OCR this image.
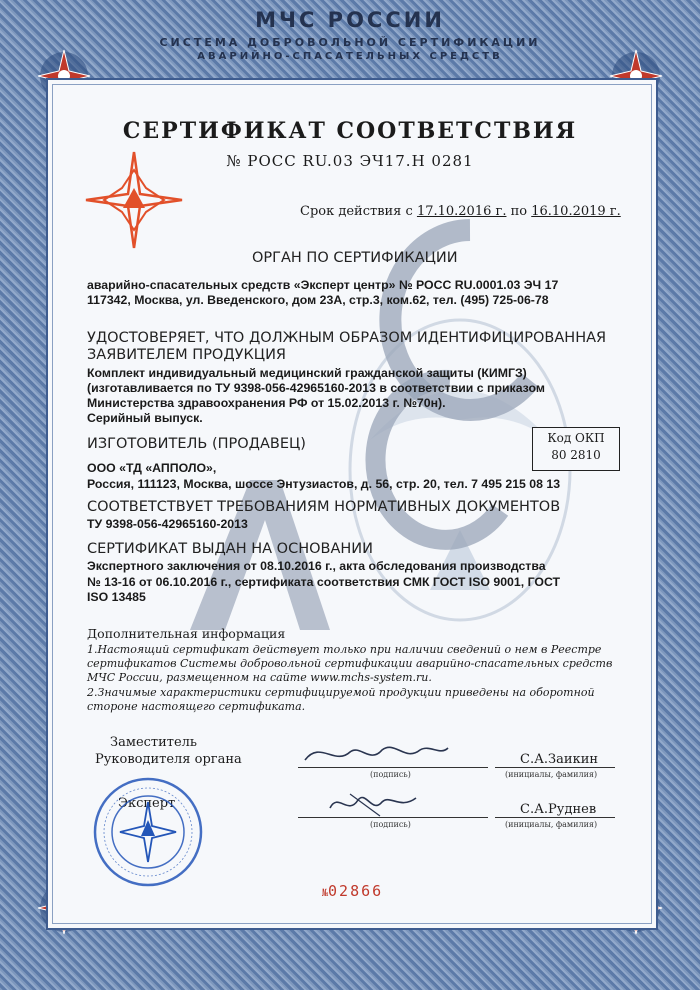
МЧС РОССИИ
СИСТЕМА ДОБРОВОЛЬНОЙ СЕРТИФИКАЦИИ
АВАРИЙНО-СПАСАТЕЛЬНЫХ СРЕДСТВ
СЕРТИФИКАТ СООТВЕТСТВИЯ
№ РОСС RU.03 ЭЧ17.Н 0281
Срок действия с 17.10.2016 г. по 16.10.2019 г.
ОРГАН ПО СЕРТИФИКАЦИИ
аварийно-спасательных средств «Эксперт центр» № РОСС RU.0001.03 ЭЧ 17
117342, Москва, ул. Введенского, дом 23А, стр.3, ком.62, тел. (495) 725-06-78
УДОСТОВЕРЯЕТ, ЧТО ДОЛЖНЫМ ОБРАЗОМ ИДЕНТИФИЦИРОВАННАЯ
ЗАЯВИТЕЛЕМ ПРОДУКЦИЯ
Комплект индивидуальный медицинский гражданской защиты (КИМГЗ)
(изготавливается по ТУ 9398-056-42965160-2013 в соответствии с приказом
Министерства здравоохранения РФ от 15.02.2013 г. №70н).
Серийный выпуск.
Код ОКП
80 2810
ИЗГОТОВИТЕЛЬ (ПРОДАВЕЦ)
ООО «ТД «АППОЛО»,
Россия, 111123, Москва, шоссе Энтузиастов, д. 56, стр. 20, тел. 7 495 215 08 13
СООТВЕТСТВУЕТ ТРЕБОВАНИЯМ НОРМАТИВНЫХ ДОКУМЕНТОВ
ТУ 9398-056-42965160-2013
СЕРТИФИКАТ ВЫДАН НА ОСНОВАНИИ
Экспертного заключения от 08.10.2016 г., акта обследования производства
№ 13-16 от 06.10.2016 г., сертификата соответствия СМК ГОСТ ISO 9001, ГОСТ
ISO 13485
Дополнительная информация
1.Настоящий сертификат действует только при наличии сведений о нем в Реестре
сертификатов Системы добровольной сертификации аварийно-спасательных средств
МЧС России, размещенном на сайте www.mchs-system.ru.
2.Значимые характеристики сертифицируемой продукции приведены на оборотной
стороне настоящего сертификата.
Заместитель
Руководителя органа
(подпись)
С.А.Заикин
(инициалы, фамилия)
Эксперт
(подпись)
С.А.Руднев
(инициалы, фамилия)
№02866
